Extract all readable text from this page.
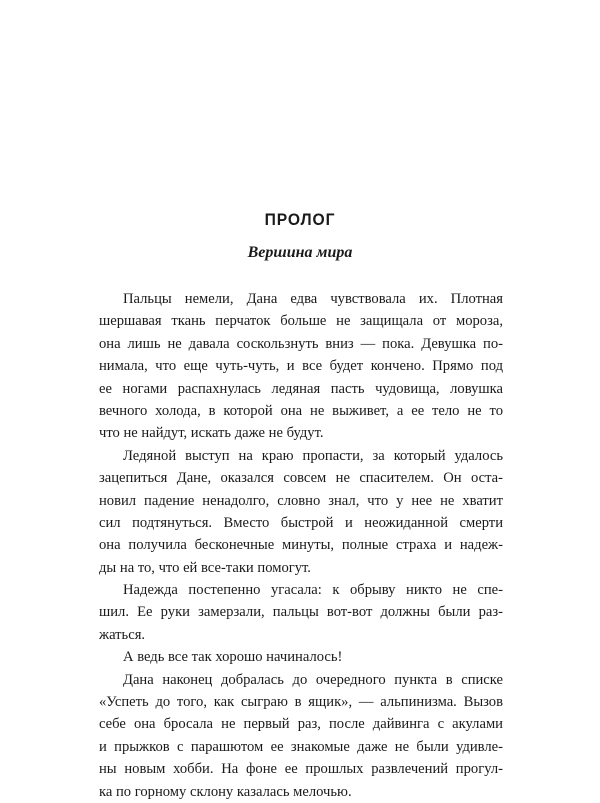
ПРОЛОГ
Вершина мира
Пальцы немели, Дана едва чувствовала их. Плотная
шершавая ткань перчаток больше не защищала от мороза,
она лишь не давала соскользнуть вниз — пока. Девушка по-
нимала, что еще чуть-чуть, и все будет кончено. Прямо под
ее ногами распахнулась ледяная пасть чудовища, ловушка
вечного холода, в которой она не выживет, а ее тело не то
что не найдут, искать даже не будут.
Ледяной выступ на краю пропасти, за который удалось
зацепиться Дане, оказался совсем не спасителем. Он оста-
новил падение ненадолго, словно знал, что у нее не хватит
сил подтянуться. Вместо быстрой и неожиданной смерти
она получила бесконечные минуты, полные страха и надеж-
ды на то, что ей все-таки помогут.
Надежда постепенно угасала: к обрыву никто не спе-
шил. Ее руки замерзали, пальцы вот-вот должны были раз-
жаться.
А ведь все так хорошо начиналось!
Дана наконец добралась до очередного пункта в списке
«Успеть до того, как сыграю в ящик», — альпинизма. Вызов
себе она бросала не первый раз, после дайвинга с акулами
и прыжков с парашютом ее знакомые даже не были удивле-
ны новым хобби. На фоне ее прошлых развлечений прогул-
ка по горному склону казалась мелочью.
